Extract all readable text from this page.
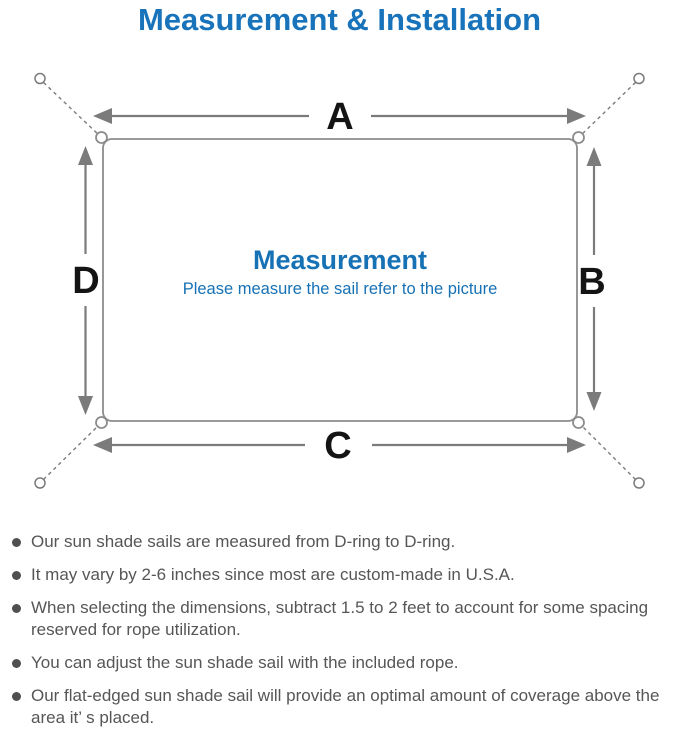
Measurement & Installation
A
C
D	B
Measurement
Please measure the sail refer to the picture
Our sun shade sails are measured from D-ring to D-ring.
It may vary by 2-6 inches since most are custom-made in U.S.A.
When selecting the dimensions, subtract 1.5 to 2 feet to account for some spacing reserved for rope utilization.
You can adjust the sun shade sail with the included rope.
Our flat-edged sun shade sail will provide an optimal amount of coverage above the area it’ s placed.
